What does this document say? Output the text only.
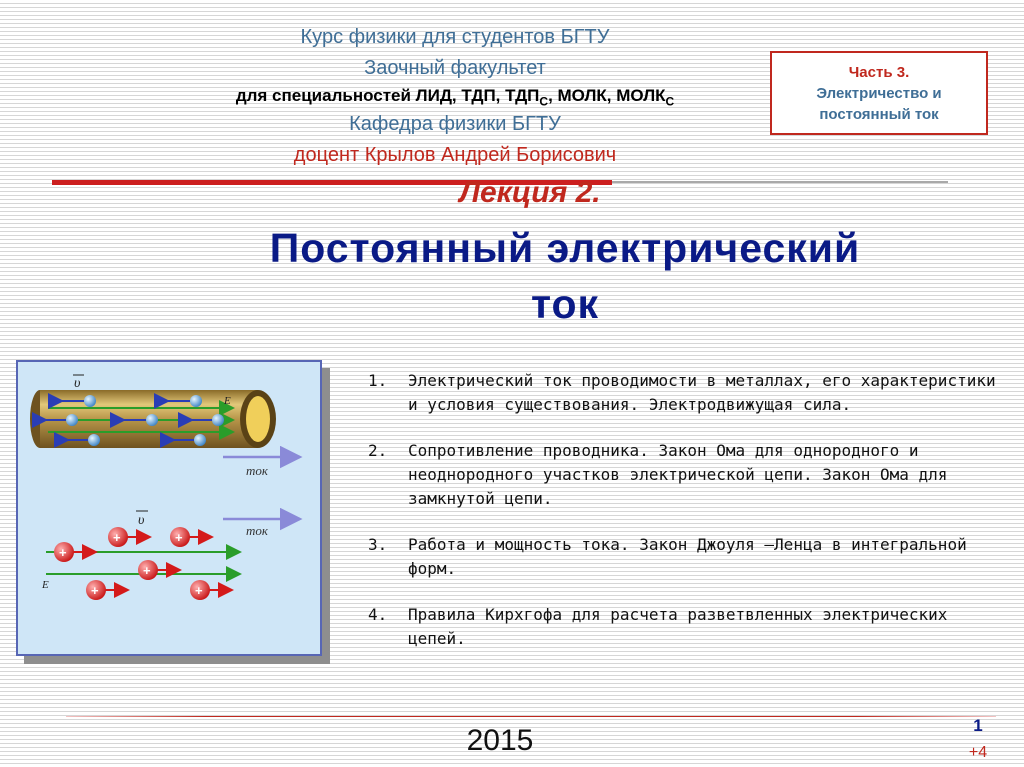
Курс физики для студентов БГТУ
Заочный факультет
для специальностей ЛИД, ТДП, $ТДП_С$, МОЛК, $МОЛК_С$
Кафедра физики БГТУ
доцент Крылов Андрей Борисович
Часть 3.
Электричество и
постоянный ток
Лекция 2.
Постоянный электрический
ток
υ
E
ток
ток
υ
E
+	+
+
+
+	+
1. Электрический ток проводимости в металлах, его характеристики и условия существования. Электродвижущая сила.
2. Сопротивление проводника. Закон Ома для однородного и неоднородного участков электрической цепи. Закон Ома для замкнутой цепи.
3. Работа и мощность тока. Закон Джоуля —Ленца в интегральной форм.
4. Правила Кирхгофа для расчета разветвленных электрических цепей.
2015	1
+4
